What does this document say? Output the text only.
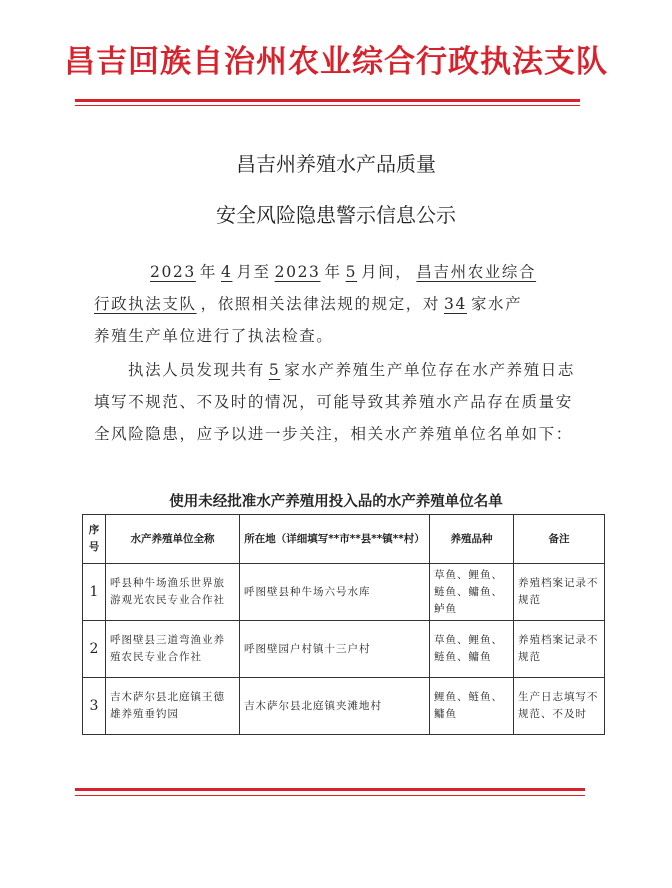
昌吉回族自治州农业综合行政执法支队
昌吉州养殖水产品质量
安全风险隐患警示信息公示

2023 年 4 月至 2023 年 5 月间， 昌吉州农业综合
行政执法支队 ，依照相关法律法规的规定，对 34 家水产
养殖生产单位进行了执法检查。

执法人员发现共有 5 家水产养殖生产单位存在水产养殖日志填写不规范、不及时的情况，可能导致其养殖水产品存在质量安全风险隐患，应予以进一步关注，相关水产养殖单位名单如下：

使用未经批准水产养殖用投入品的水产养殖单位名单
序号	水产养殖单位全称	所在地（详细填写**市**县**镇**村）	养殖品种	备注
1	呼县种牛场渔乐世界旅游观光农民专业合作社	呼图壁县种牛场六号水库	草鱼、鲤鱼、鲢鱼、鳙鱼、鲈鱼	养殖档案记录不规范
2	呼图壁县三道弯渔业养殖农民专业合作社	呼图壁园户村镇十三户村	草鱼、鲤鱼、鲢鱼、鳙鱼	养殖档案记录不规范
3	吉木萨尔县北庭镇王德雄养殖垂钓园	吉木萨尔县北庭镇夹滩地村	鲤鱼、鲢鱼、鳙鱼	生产日志填写不规范、不及时
